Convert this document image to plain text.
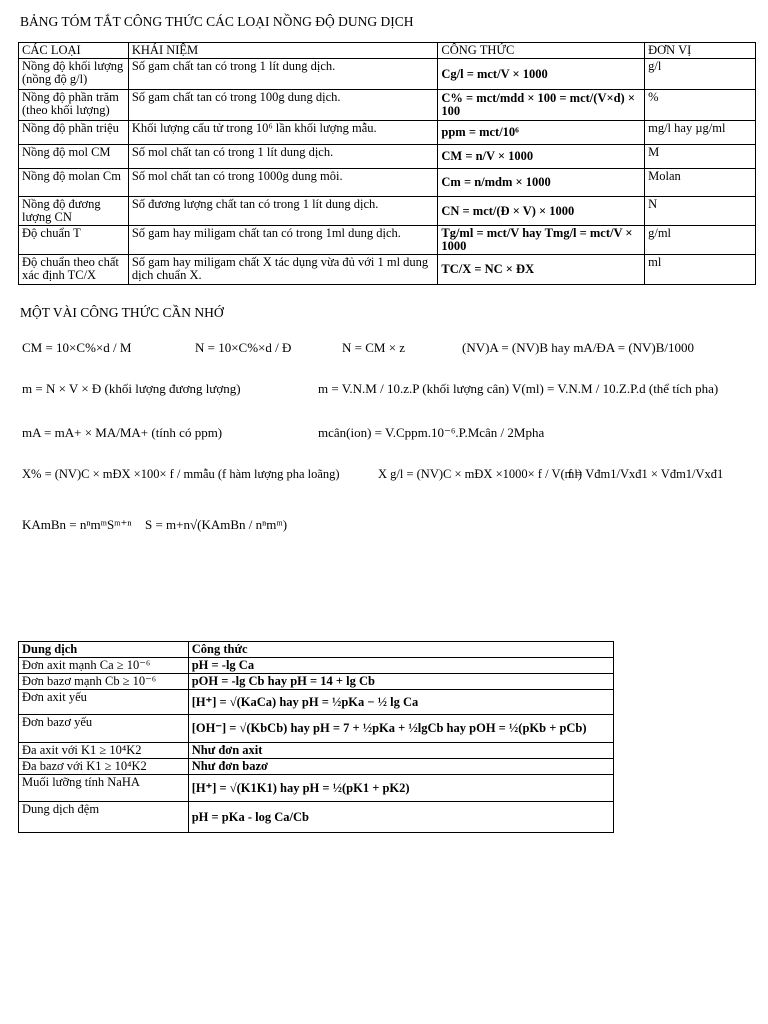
BẢNG TÓM TẮT CÔNG THỨC CÁC LOẠI NỒNG ĐỘ DUNG DỊCH
CÁC LOẠI	KHÁI NIỆM	CÔNG THỨC	ĐƠN VỊ
Nồng độ khối lượng (nồng độ g/l)	Số gam chất tan có trong 1 lít dung dịch.	Cg/l = mct/V × 1000	g/l
Nồng độ phần trăm (theo khối lượng)	Số gam chất tan có trong 100g dung dịch.	C% = mct/mdd × 100 = mct/(V×d) × 100	%
Nồng độ phần triệu	Khối lượng cấu tử trong 10⁶ lần khối lượng mẫu.	ppm = mct/10⁶	mg/l hay µg/ml
Nồng độ mol CM	Số mol chất tan có trong 1 lít dung dịch.	CM = n/V × 1000	M
Nồng độ molan Cm	Số mol chất tan có trong 1000g dung môi.	Cm = n/mdm × 1000	Molan
Nồng độ đương lượng CN	Số đương lượng chất tan có trong 1 lít dung dịch.	CN = mct/(Đ × V) × 1000	N
Độ chuẩn T	Số gam hay miligam chất tan có trong 1ml dung dịch.	Tg/ml = mct/V hay Tmg/l = mct/V × 1000	g/ml
Độ chuẩn theo chất xác định TC/X	Số gam hay miligam chất X tác dụng vừa đủ với 1 ml dung dịch chuẩn X.	TC/X = NC × ĐX	ml
MỘT VÀI CÔNG THỨC CẦN NHỚ
CM = 10×C%×d / M	N = 10×C%×d / Đ	N = CM × z	(NV)A = (NV)B hay mA/ĐA = (NV)B/1000
m = N × V × Đ (khối lượng đương lượng)	m = V.N.M / 10.z.P (khối lượng cân) V(ml) = V.N.M / 10.Z.P.d (thể tích pha)
mA = mA+ × MA/MA+ (tính có ppm)	mcân(ion) = V.Cppm.10⁻⁶.P.Mcân / 2Mpha
X% = (NV)C × mĐX ×100× f / mmẫu (f hàm lượng pha loãng)	X g/l = (NV)C × mĐX ×1000× f / V(ml)
f = Vđm1/Vxđ1 × Vđm1/Vxđ1
KAmBn = nⁿmᵐSᵐ⁺ⁿ S = m+n√(KAmBn / nⁿmᵐ)
Dung dịch	Công thức
Đơn axit mạnh Ca ≥ 10⁻⁶	pH = -lg Ca
Đơn bazơ mạnh Cb ≥ 10⁻⁶	pOH = -lg Cb hay pH = 14 + lg Cb
Đơn axit yếu	[H⁺] = √(KaCa) hay pH = ½pKa − ½ lg Ca
Đơn bazơ yếu	[OH⁻] = √(KbCb) hay pH = 7 + ½pKa + ½lgCb hay pOH = ½(pKb + pCb)
Đa axit với K1 ≥ 10⁴K2	Như đơn axit
Đa bazơ với K1 ≥ 10⁴K2	Như đơn bazơ
Muối lưỡng tính NaHA	[H⁺] = √(K1K1) hay pH = ½(pK1 + pK2)
Dung dịch đệm	pH = pKa - log Ca/Cb
